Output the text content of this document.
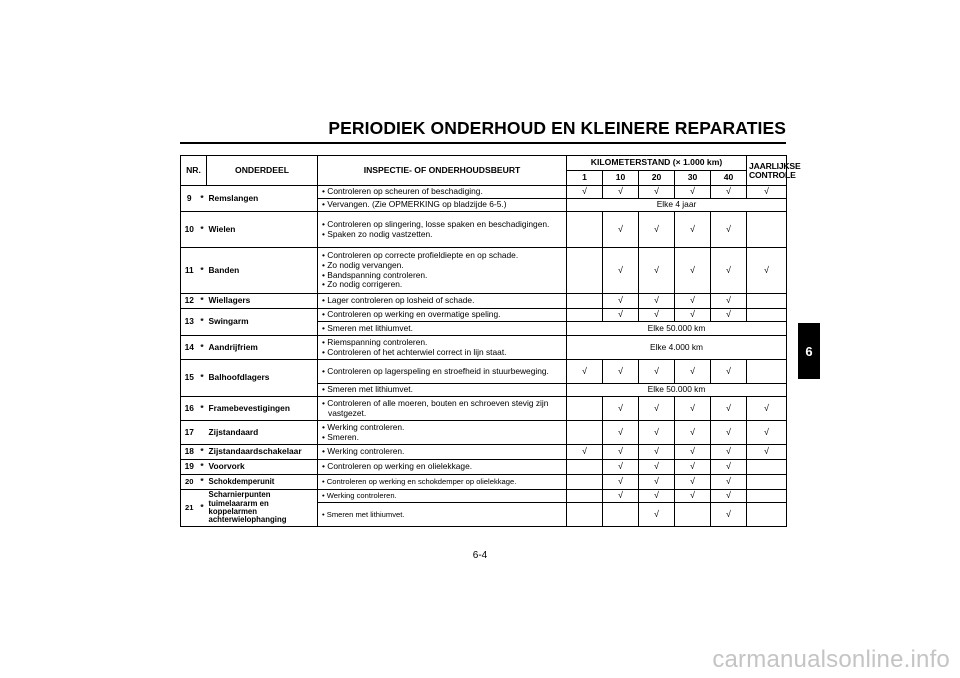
PERIODIEK ONDERHOUD EN KLEINERE REPARATIES
6
NR.		ONDERDEEL	INSPECTIE- OF ONDERHOUDSBEURT	KILOMETERSTAND (× 1.000 km)					JAARLIJKSE
CONTROLE
				1	10	20	30	40	
9	*	Remslangen	• Controleren op scheuren of beschadiging.	√	√	√	√	√	√

			• Vervangen. (Zie OPMERKING op bladzijde 6-5.)	Elke 4 jaar					
10	*	Wielen	• Controleren op slingering, losse spaken en beschadigingen.
• Spaken zo nodig vastzetten.		√	√	√	√	
11	*	Banden	• Controleren op correcte profieldiepte en op schade.
• Zo nodig vervangen.
• Bandspanning controleren.
• Zo nodig corrigeren.		√	√	√	√	√
12	*	Wiellagers	• Lager controleren op losheid of schade.		√	√	√	√	
13	*	Swingarm	• Controleren op werking en overmatige speling.		√	√	√	√	

			• Smeren met lithiumvet.	Elke 50.000 km					
14	*	Aandrijfriem	• Riemspanning controleren.
• Controleren of het achterwiel correct in lijn staat.	Elke 4.000 km					
15	*	Balhoofdlagers	• Controleren op lagerspeling en stroefheid in stuurbeweging.	√	√	√	√	√	

			• Smeren met lithiumvet.	Elke 50.000 km					
16	*	Framebevestigingen	• Controleren of alle moeren, bouten en schroeven stevig zijn vastgezet.		√	√	√	√	√
17		Zijstandaard	• Werking controleren.
• Smeren.		√	√	√	√	√
18	*	Zijstandaardschakelaar	• Werking controleren.	√	√	√	√	√	√
19	*	Voorvork	• Controleren op werking en olielekkage.		√	√	√	√	
20	*	Schokdemperunit	• Controleren op werking en schokdemper op olielekkage.		√	√	√	√	
21	*	Scharnierpunten tuimelaararm en koppelarmen achterwielophanging	• Werking controleren.		√	√	√	√	

			• Smeren met lithiumvet.			√		√	
6-4
carmanualsonline.info
